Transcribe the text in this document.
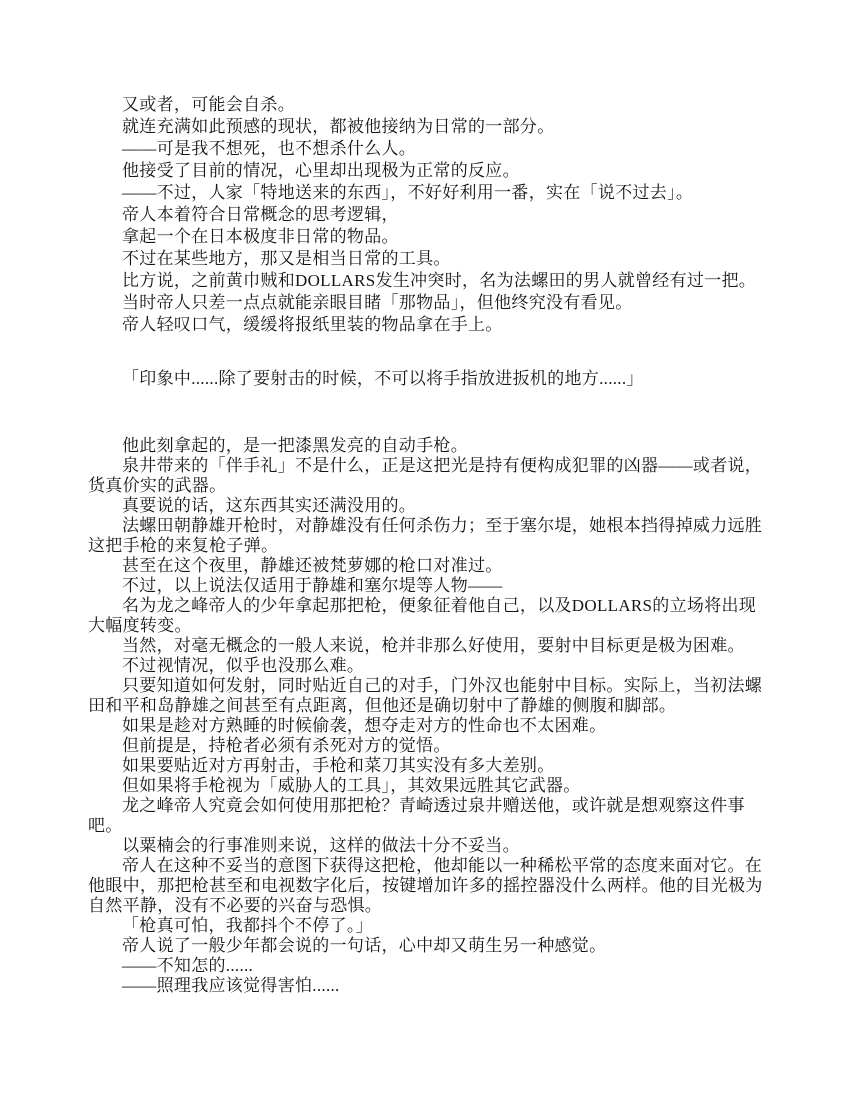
又或者，可能会自杀。
就连充满如此预感的现状，都被他接纳为日常的一部分。
——可是我不想死，也不想杀什么人。
他接受了目前的情况，心里却出现极为正常的反应。
——不过，人家「特地送来的东西」，不好好利用一番，实在「说不过去」。
帝人本着符合日常概念的思考逻辑，
拿起一个在日本极度非日常的物品。
不过在某些地方，那又是相当日常的工具。
比方说，之前黄巾贼和DOLLARS发生冲突时，名为法螺田的男人就曾经有过一把。
当时帝人只差一点点就能亲眼目睹「那物品」，但他终究没有看见。
帝人轻叹口气，缓缓将报纸里装的物品拿在手上。
「印象中......除了要射击的时候，不可以将手指放进扳机的地方......」
他此刻拿起的，是一把漆黑发亮的自动手枪。
泉井带来的「伴手礼」不是什么，正是这把光是持有便构成犯罪的凶器——或者说，
货真价实的武器。
真要说的话，这东西其实还满没用的。
法螺田朝静雄开枪时，对静雄没有任何杀伤力；至于塞尔堤，她根本挡得掉威力远胜
这把手枪的来复枪子弹。
甚至在这个夜里，静雄还被梵萝娜的枪口对准过。
不过，以上说法仅适用于静雄和塞尔堤等人物——
名为龙之峰帝人的少年拿起那把枪，便象征着他自己，以及DOLLARS的立场将出现
大幅度转变。
当然，对毫无概念的一般人来说，枪并非那么好使用，要射中目标更是极为困难。
不过视情况，似乎也没那么难。
只要知道如何发射，同时贴近自己的对手，门外汉也能射中目标。实际上，当初法螺
田和平和岛静雄之间甚至有点距离，但他还是确切射中了静雄的侧腹和脚部。
如果是趁对方熟睡的时候偷袭，想夺走对方的性命也不太困难。
但前提是，持枪者必须有杀死对方的觉悟。
如果要贴近对方再射击，手枪和菜刀其实没有多大差别。
但如果将手枪视为「威胁人的工具」，其效果远胜其它武器。
龙之峰帝人究竟会如何使用那把枪？青崎透过泉井赠送他，或许就是想观察这件事
吧。
以粟楠会的行事准则来说，这样的做法十分不妥当。
帝人在这种不妥当的意图下获得这把枪，他却能以一种稀松平常的态度来面对它。在
他眼中，那把枪甚至和电视数字化后，按键增加许多的摇控器没什么两样。他的目光极为
自然平静，没有不必要的兴奋与恐惧。
「枪真可怕，我都抖个不停了。」
帝人说了一般少年都会说的一句话，心中却又萌生另一种感觉。
——不知怎的......
——照理我应该觉得害怕......
